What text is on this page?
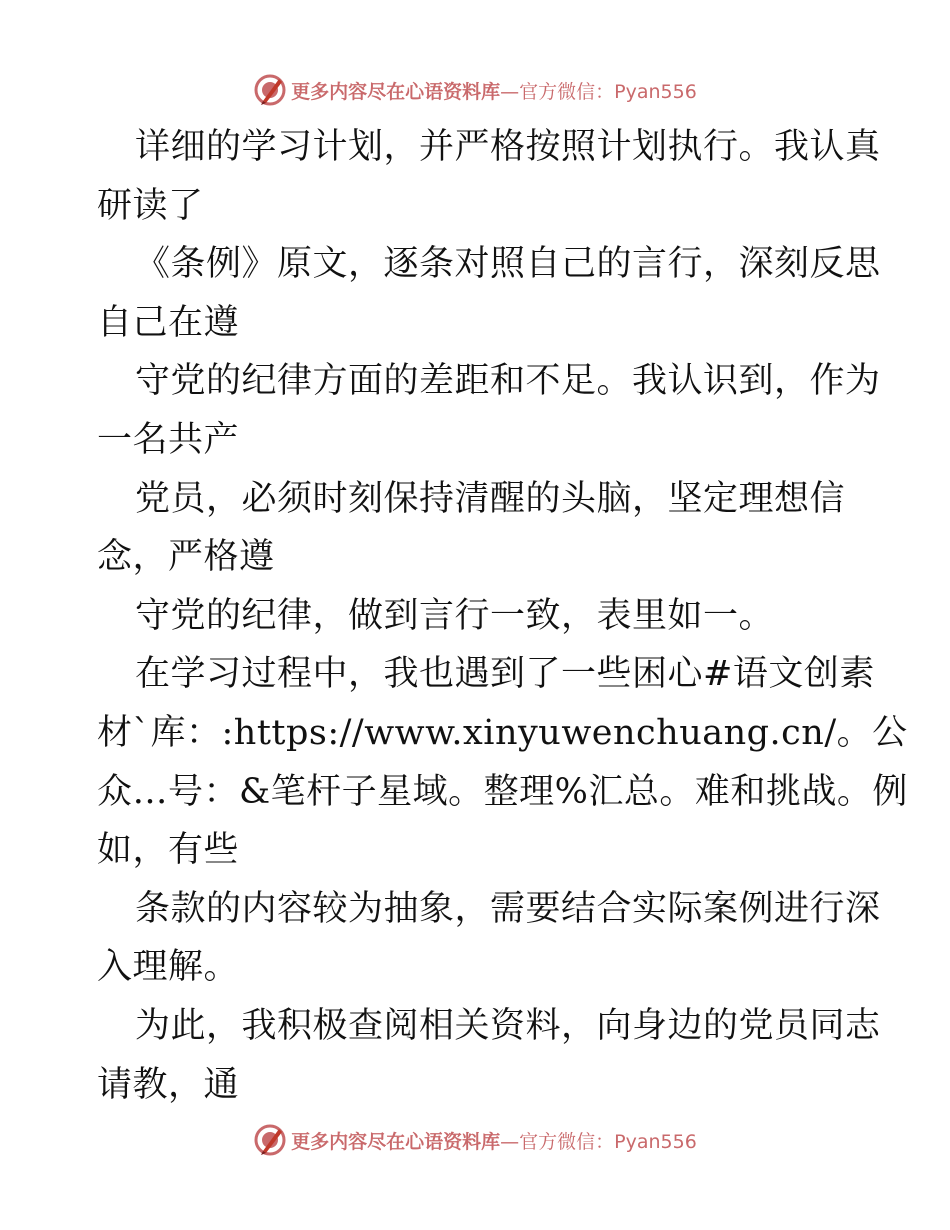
更多内容尽在心语资料库 —官方微信：Pyan556
详细的学习计划，并严格按照计划执行。我认真
研读了
《条例》原文，逐条对照自己的言行，深刻反思
自己在遵
守党的纪律方面的差距和不足。我认识到，作为
一名共产
党员，必须时刻保持清醒的头脑，坚定理想信
念，严格遵
守党的纪律，做到言行一致，表里如一。
在学习过程中，我也遇到了一些困心#语文创素
材`库：:https://www.xinyuwenchuang.cn/。公
众…号：&笔杆子星域。整理%汇总。难和挑战。例
如，有些
条款的内容较为抽象，需要结合实际案例进行深
入理解。
为此，我积极查阅相关资料，向身边的党员同志
请教，通
更多内容尽在心语资料库 —官方微信：Pyan556
